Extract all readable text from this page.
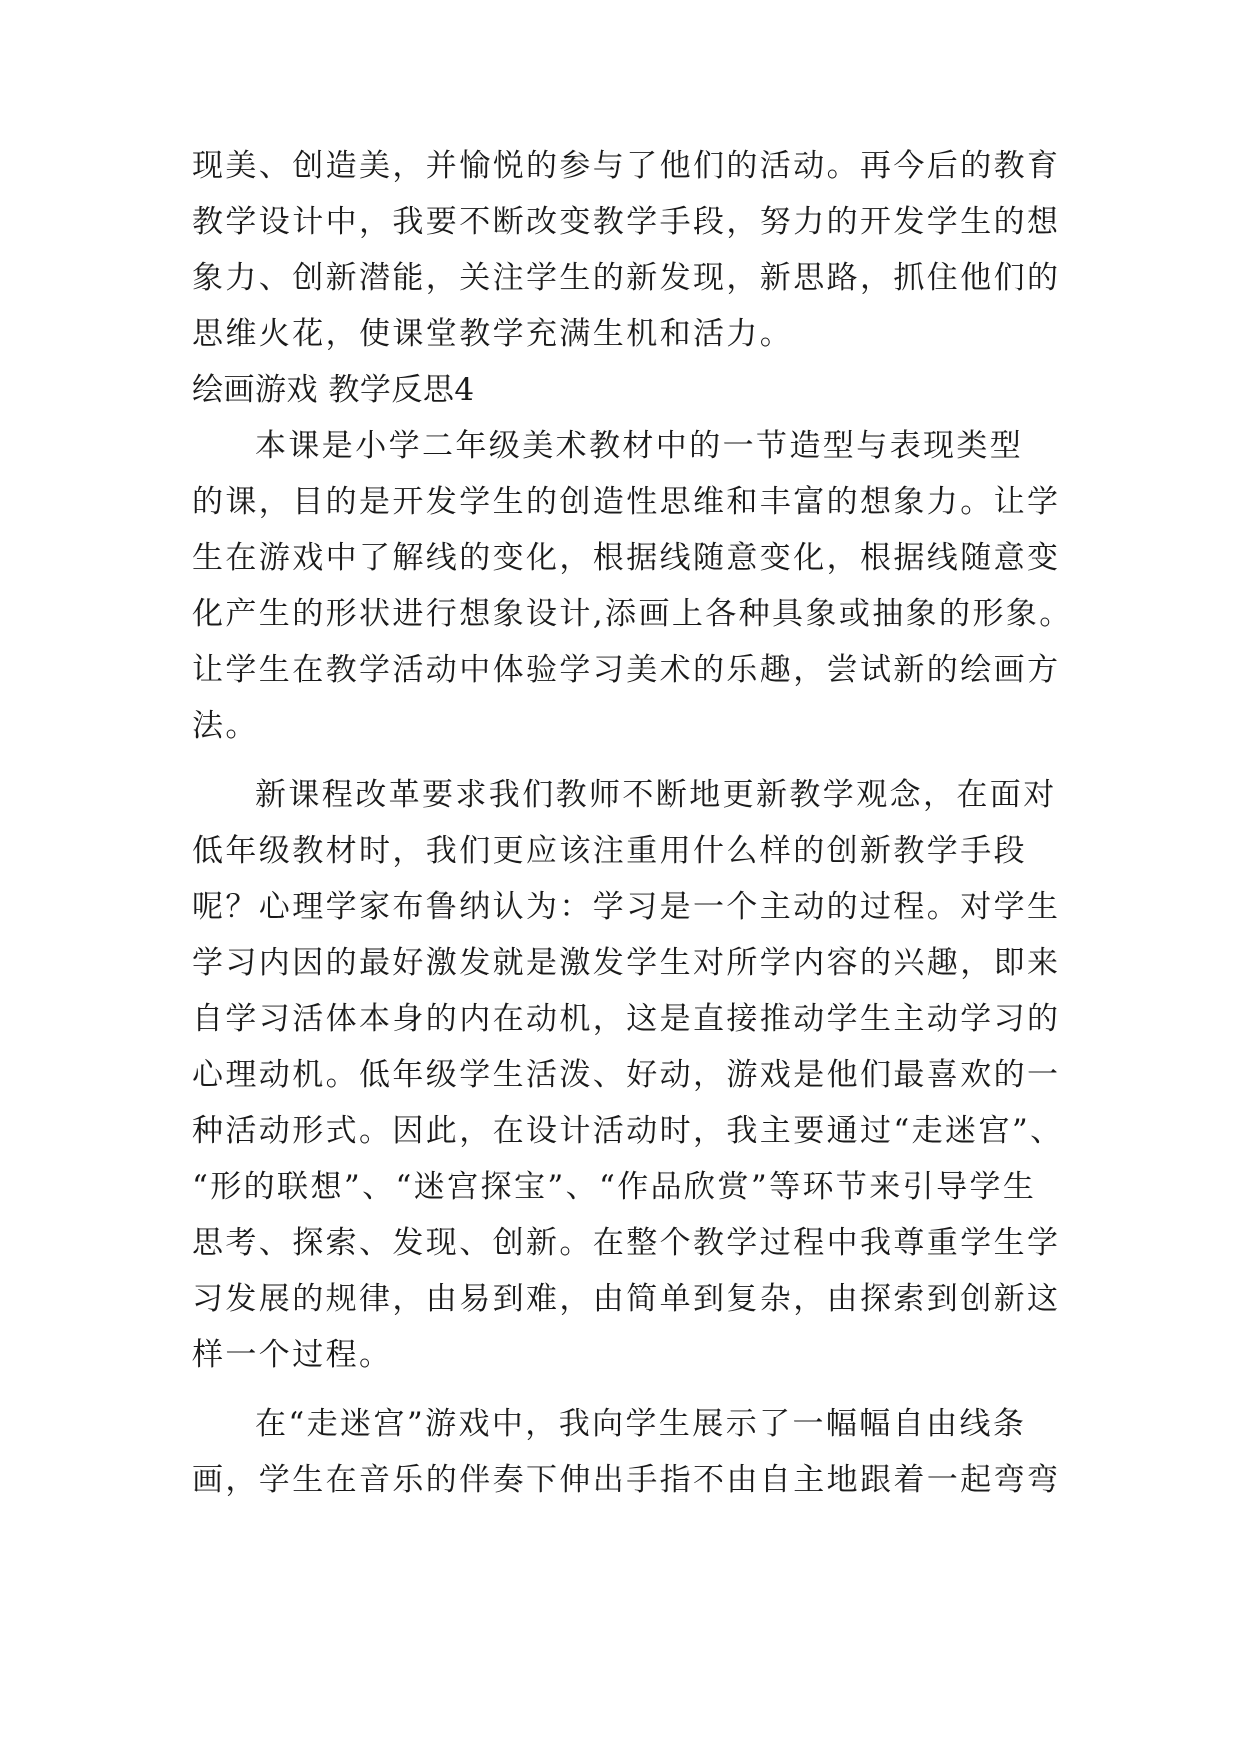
现美、创造美，并愉悦的参与了他们的活动。再今后的教育
教学设计中，我要不断改变教学手段，努力的开发学生的想
象力、创新潜能，关注学生的新发现，新思路，抓住他们的
思维火花，使课堂教学充满生机和活力。
绘画游戏 教学反思4
本课是小学二年级美术教材中的一节造型与表现类型
的课，目的是开发学生的创造性思维和丰富的想象力。让学
生在游戏中了解线的变化，根据线随意变化，根据线随意变
化产生的形状进行想象设计,添画上各种具象或抽象的形象。
让学生在教学活动中体验学习美术的乐趣，尝试新的绘画方
法。
新课程改革要求我们教师不断地更新教学观念，在面对
低年级教材时，我们更应该注重用什么样的创新教学手段
呢？心理学家布鲁纳认为：学习是一个主动的过程。对学生
学习内因的最好激发就是激发学生对所学内容的兴趣，即来
自学习活体本身的内在动机，这是直接推动学生主动学习的
心理动机。低年级学生活泼、好动，游戏是他们最喜欢的一
种活动形式。因此，在设计活动时，我主要通过“走迷宫”、
“形的联想”、“迷宫探宝”、“作品欣赏”等环节来引导学生
思考、探索、发现、创新。在整个教学过程中我尊重学生学
习发展的规律，由易到难，由简单到复杂，由探索到创新这
样一个过程。
在“走迷宫”游戏中，我向学生展示了一幅幅自由线条
画，学生在音乐的伴奏下伸出手指不由自主地跟着一起弯弯
